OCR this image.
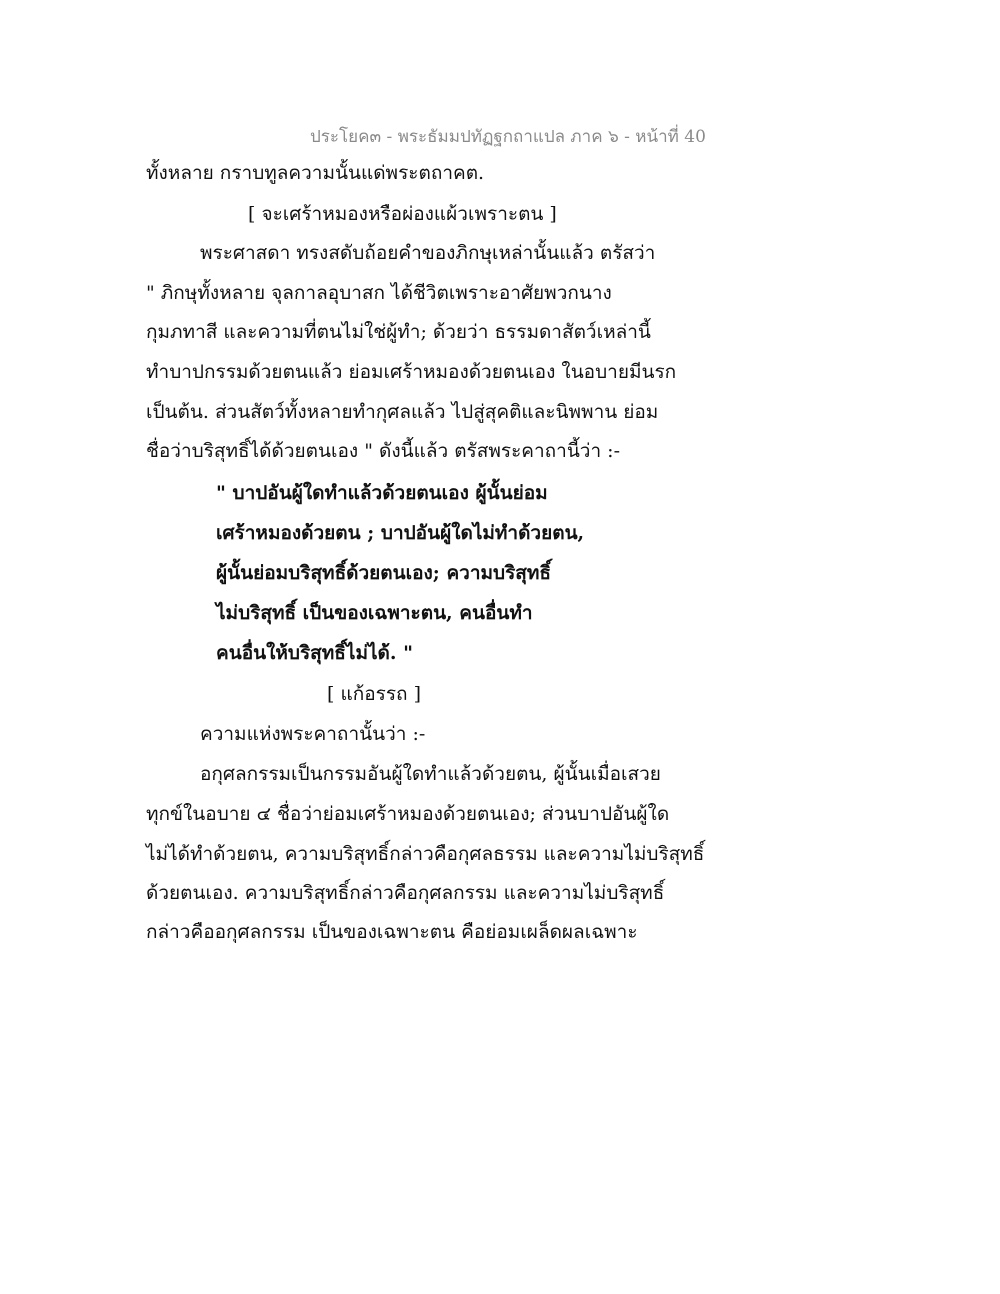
ประโยค๓ - พระธัมมปทัฏฐกถาแปล ภาค ๖ - หน้าที่ 40
ทั้งหลาย กราบทูลความนั้นแด่พระตถาคต.
[ จะเศร้าหมองหรือผ่องแผ้วเพราะตน ]
พระศาสดา ทรงสดับถ้อยคำของภิกษุเหล่านั้นแล้ว ตรัสว่า
" ภิกษุทั้งหลาย จุลกาลอุบาสก ได้ชีวิตเพราะอาศัยพวกนาง
กุมภทาสี และความที่ตนไม่ใช่ผู้ทำ; ด้วยว่า ธรรมดาสัตว์เหล่านี้
ทำบาปกรรมด้วยตนแล้ว ย่อมเศร้าหมองด้วยตนเอง ในอบายมีนรก
เป็นต้น. ส่วนสัตว์ทั้งหลายทำกุศลแล้ว ไปสู่สุคติและนิพพาน ย่อม
ชื่อว่าบริสุทธิ์ได้ด้วยตนเอง " ดังนี้แล้ว ตรัสพระคาถานี้ว่า :-
" บาปอันผู้ใดทำแล้วด้วยตนเอง ผู้นั้นย่อม
เศร้าหมองด้วยตน ; บาปอันผู้ใดไม่ทำด้วยตน,
ผู้นั้นย่อมบริสุทธิ์ด้วยตนเอง; ความบริสุทธิ์
ไม่บริสุทธิ์ เป็นของเฉพาะตน, คนอื่นทำ
คนอื่นให้บริสุทธิ์ไม่ได้. "
[ แก้อรรถ ]
ความแห่งพระคาถานั้นว่า :-
อกุศลกรรมเป็นกรรมอันผู้ใดทำแล้วด้วยตน, ผู้นั้นเมื่อเสวย
ทุกข์ในอบาย ๔ ชื่อว่าย่อมเศร้าหมองด้วยตนเอง; ส่วนบาปอันผู้ใด
ไม่ได้ทำด้วยตน, ความบริสุทธิ์กล่าวคือกุศลธรรม และความไม่บริสุทธิ์
ด้วยตนเอง. ความบริสุทธิ์กล่าวคือกุศลกรรม และความไม่บริสุทธิ์
กล่าวคืออกุศลกรรม เป็นของเฉพาะตน คือย่อมเผล็ดผลเฉพาะ
